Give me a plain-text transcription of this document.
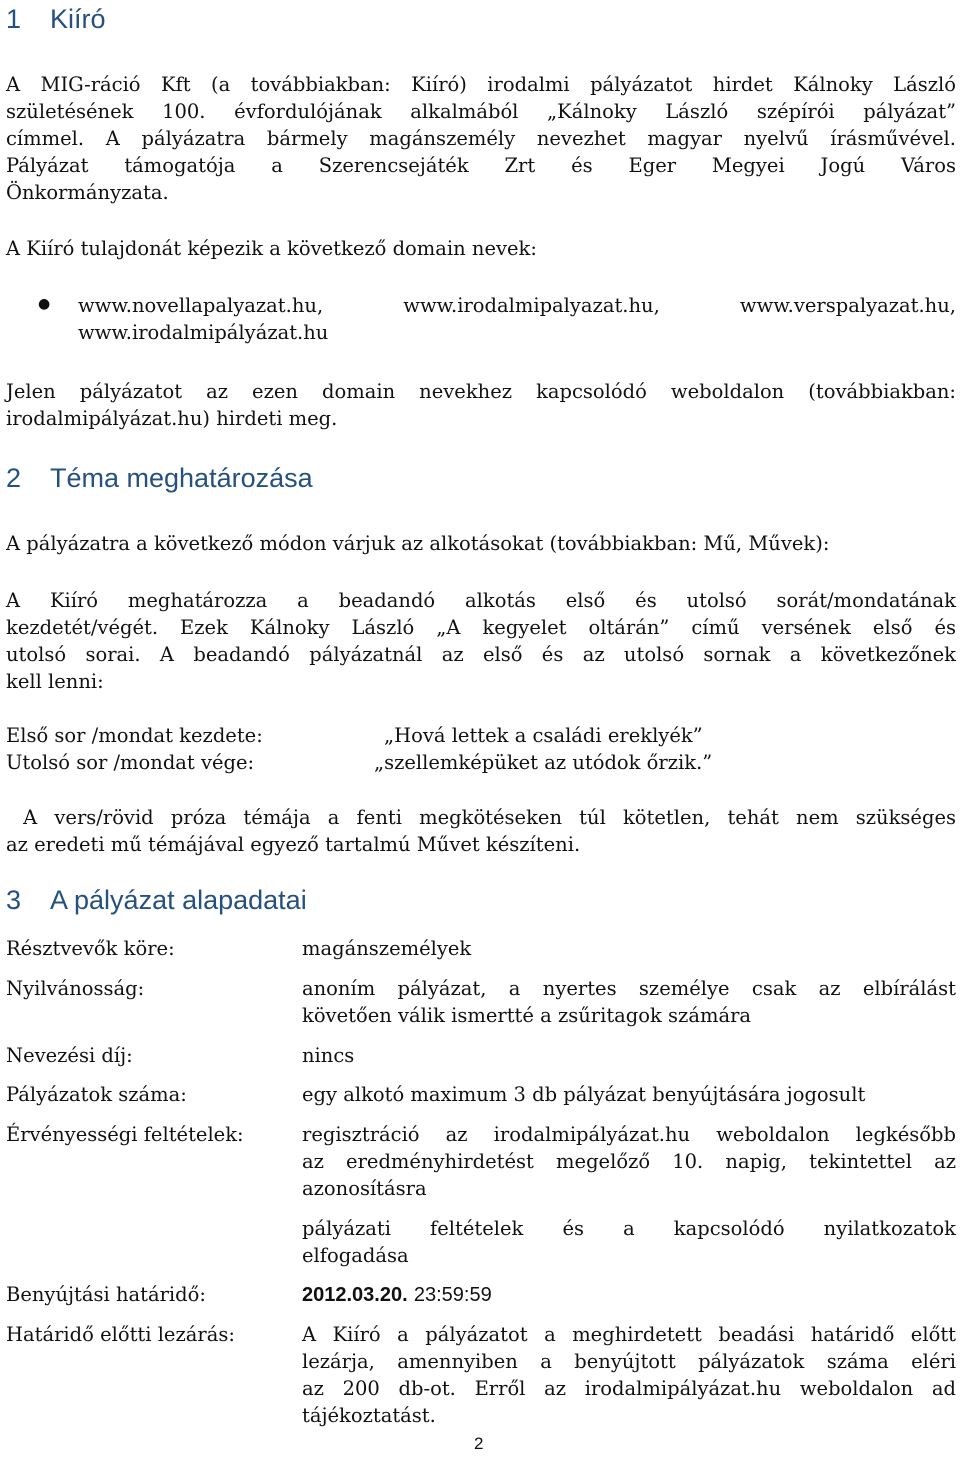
1 Kiíró

A MIG-ráció Kft (a továbbiakban: Kiíró) irodalmi pályázatot hirdet Kálnoky László

születésének 100. évfordulójának alkalmából „Kálnoky László szépírói pályázat”

címmel. A pályázatra bármely magánszemély nevezhet magyar nyelvű írásművével.

Pályázat támogatója a Szerencsejáték Zrt és Eger Megyei Jogú Város

Önkormányzata.

A Kiíró tulajdonát képezik a következő domain nevek:

● www.novellapalyazat.hu, www.irodalmipalyazat.hu, www.verspalyazat.hu,

www.irodalmipályázat.hu

Jelen pályázatot az ezen domain nevekhez kapcsolódó weboldalon (továbbiakban:

irodalmipályázat.hu) hirdeti meg.

2 Téma meghatározása

A pályázatra a következő módon várjuk az alkotásokat (továbbiakban: Mű, Művek):

A Kiíró meghatározza a beadandó alkotás első és utolsó sorát/mondatának

kezdetét/végét. Ezek Kálnoky László „A kegyelet oltárán” című versének első és

utolsó sorai. A beadandó pályázatnál az első és az utolsó sornak a következőnek

kell lenni:

Első sor /mondat kezdete:	„Hová lettek a családi ereklyék”

Utolsó sor /mondat vége:	„szellemképüket az utódok őrzik.”

A vers/rövid próza témája a fenti megkötéseken túl kötetlen, tehát nem szükséges

az eredeti mű témájával egyező tartalmú Művet készíteni.

3 A pályázat alapadatai

Résztvevők köre:	magánszemélyek

Nyilvánosság:	anoním pályázat, a nyertes személye csak az elbírálást

követően válik ismertté a zsűritagok számára

Nevezési díj:	nincs

Pályázatok száma:	egy alkotó maximum 3 db pályázat benyújtására jogosult

Érvényességi feltételek:	regisztráció az irodalmipályázat.hu weboldalon legkésőbb

az eredményhirdetést megelőző 10. napig, tekintettel az

azonosításra

pályázati feltételek és a kapcsolódó nyilatkozatok

elfogadása

Benyújtási határidő:	2012.03.20. 23:59:59

Határidő előtti lezárás:	A Kiíró a pályázatot a meghirdetett beadási határidő előtt

lezárja, amennyiben a benyújtott pályázatok száma eléri

az 200 db-ot. Erről az irodalmipályázat.hu weboldalon ad

tájékoztatást.

2
